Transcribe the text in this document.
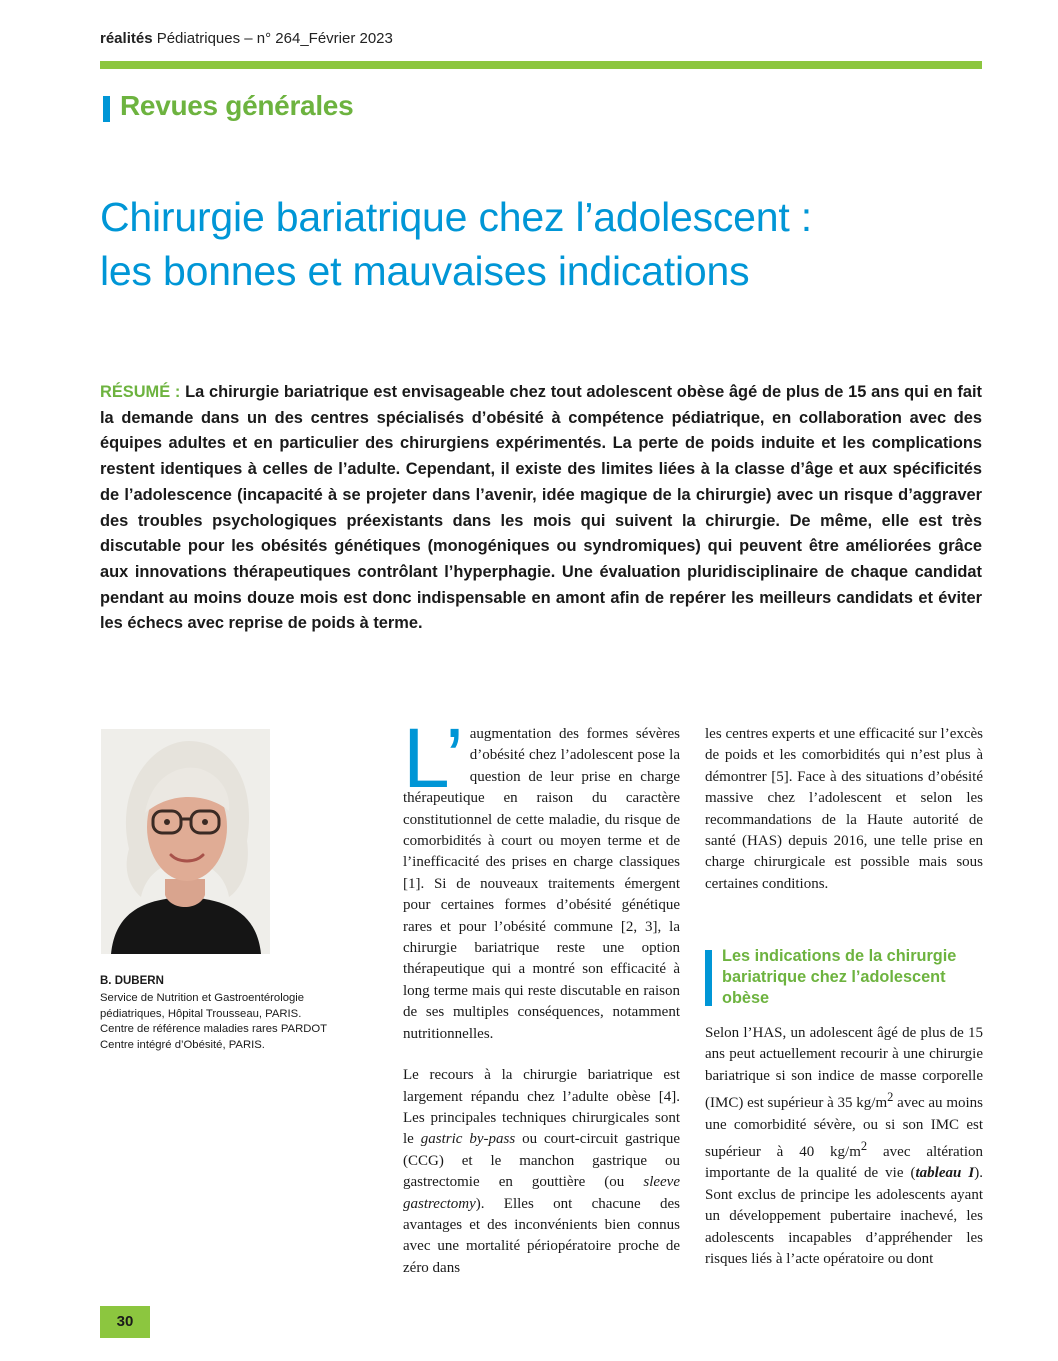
réalités Pédiatriques – n° 264_Février 2023
Revues générales
Chirurgie bariatrique chez l’adolescent :
les bonnes et mauvaises indications
RÉSUMÉ : La chirurgie bariatrique est envisageable chez tout adolescent obèse âgé de plus de 15 ans qui en fait la demande dans un des centres spécialisés d’obésité à compétence pédiatrique, en collaboration avec des équipes adultes et en particulier des chirurgiens expérimentés. La perte de poids induite et les complications restent identiques à celles de l’adulte. Cependant, il existe des limites liées à la classe d’âge et aux spécificités de l’adolescence (incapacité à se projeter dans l’avenir, idée magique de la chirurgie) avec un risque d’aggraver des troubles psychologiques préexistants dans les mois qui suivent la chirurgie. De même, elle est très discutable pour les obésités génétiques (monogéniques ou syndromiques) qui peuvent être améliorées grâce aux innovations thérapeutiques contrôlant l’hyperphagie. Une évaluation pluridisciplinaire de chaque candidat pendant au moins douze mois est donc indispensable en amont afin de repérer les meilleurs candidats et éviter les échecs avec reprise de poids à terme.
B. DUBERN
Service de Nutrition et Gastroentérologie
pédiatriques, Hôpital Trousseau, PARIS.
Centre de référence maladies rares PARDOT
Centre intégré d’Obésité, PARIS.

L’ augmentation des formes sévères d’obésité chez l’adolescent pose la question de leur prise en charge thérapeutique en raison du caractère constitutionnel de cette maladie, du risque de comorbidités à court ou moyen terme et de l’inefficacité des prises en charge classiques [1]. Si de nouveaux traitements émergent pour certaines formes d’obésité génétique rares et pour l’obésité commune [2, 3], la chirurgie bariatrique reste une option thérapeutique qui a montré son efficacité à long terme mais qui reste discutable en raison de ses multiples conséquences, notamment nutritionnelles.

Le recours à la chirurgie bariatrique est largement répandu chez l’adulte obèse [4]. Les principales techniques chirurgicales sont le gastric by-pass ou court-circuit gastrique (CCG) et le manchon gastrique ou gastrectomie en gouttière (ou sleeve gastrectomy). Elles ont chacune des avantages et des inconvénients bien connus avec une mortalité périopératoire proche de zéro dans

les centres experts et une efficacité sur l’excès de poids et les comorbidités qui n’est plus à démontrer [5]. Face à des situations d’obésité massive chez l’adolescent et selon les recommandations de la Haute autorité de santé (HAS) depuis 2016, une telle prise en charge chirurgicale est possible mais sous certaines conditions.

Les indications de la chirurgie bariatrique chez l’adolescent obèse

Selon l’HAS, un adolescent âgé de plus de 15 ans peut actuellement recourir à une chirurgie bariatrique si son indice de masse corporelle (IMC) est supérieur à 35 $kg/m^2$ avec au moins une comorbidité sévère, ou si son IMC est supérieur à 40 $kg/m^2$ avec altération importante de la qualité de vie (tableau I). Sont exclus de principe les adolescents ayant un développement pubertaire inachevé, les adolescents incapables d’appréhender les risques liés à l’acte opératoire ou dont

30
